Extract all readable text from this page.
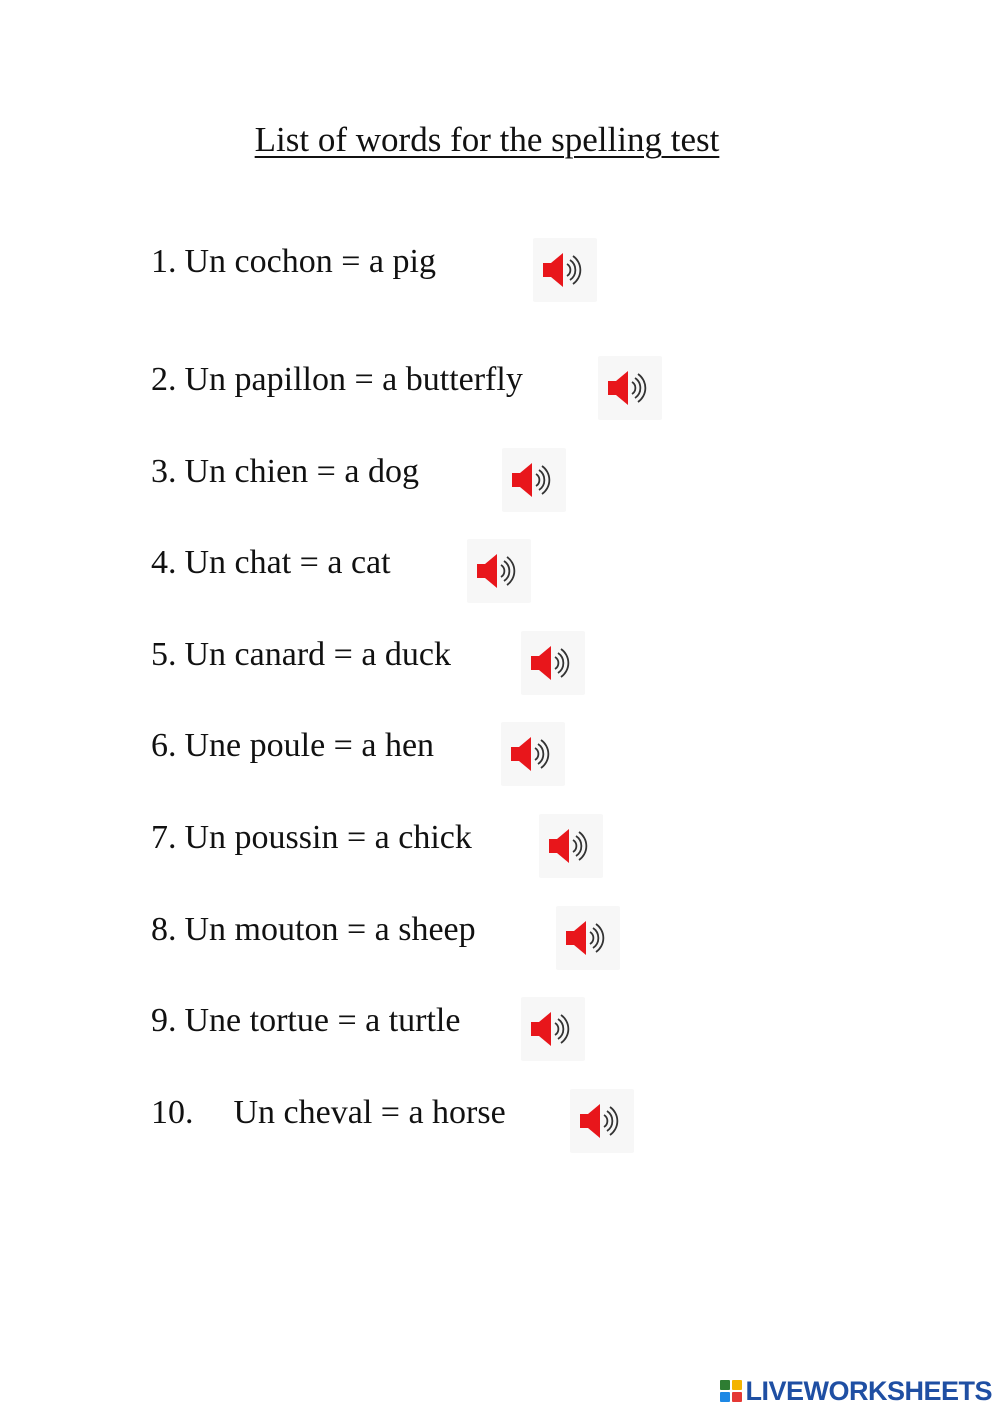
List of words for the spelling test
1. Un cochon = a pig
2. Un papillon = a butterfly
3. Un chien = a dog
4. Un chat = a cat
5. Un canard = a duck
6. Une poule = a hen
7. Un poussin = a chick
8. Un mouton = a sheep
9. Une tortue = a turtle
10. Un cheval = a horse
LIVEWORKSHEETS
